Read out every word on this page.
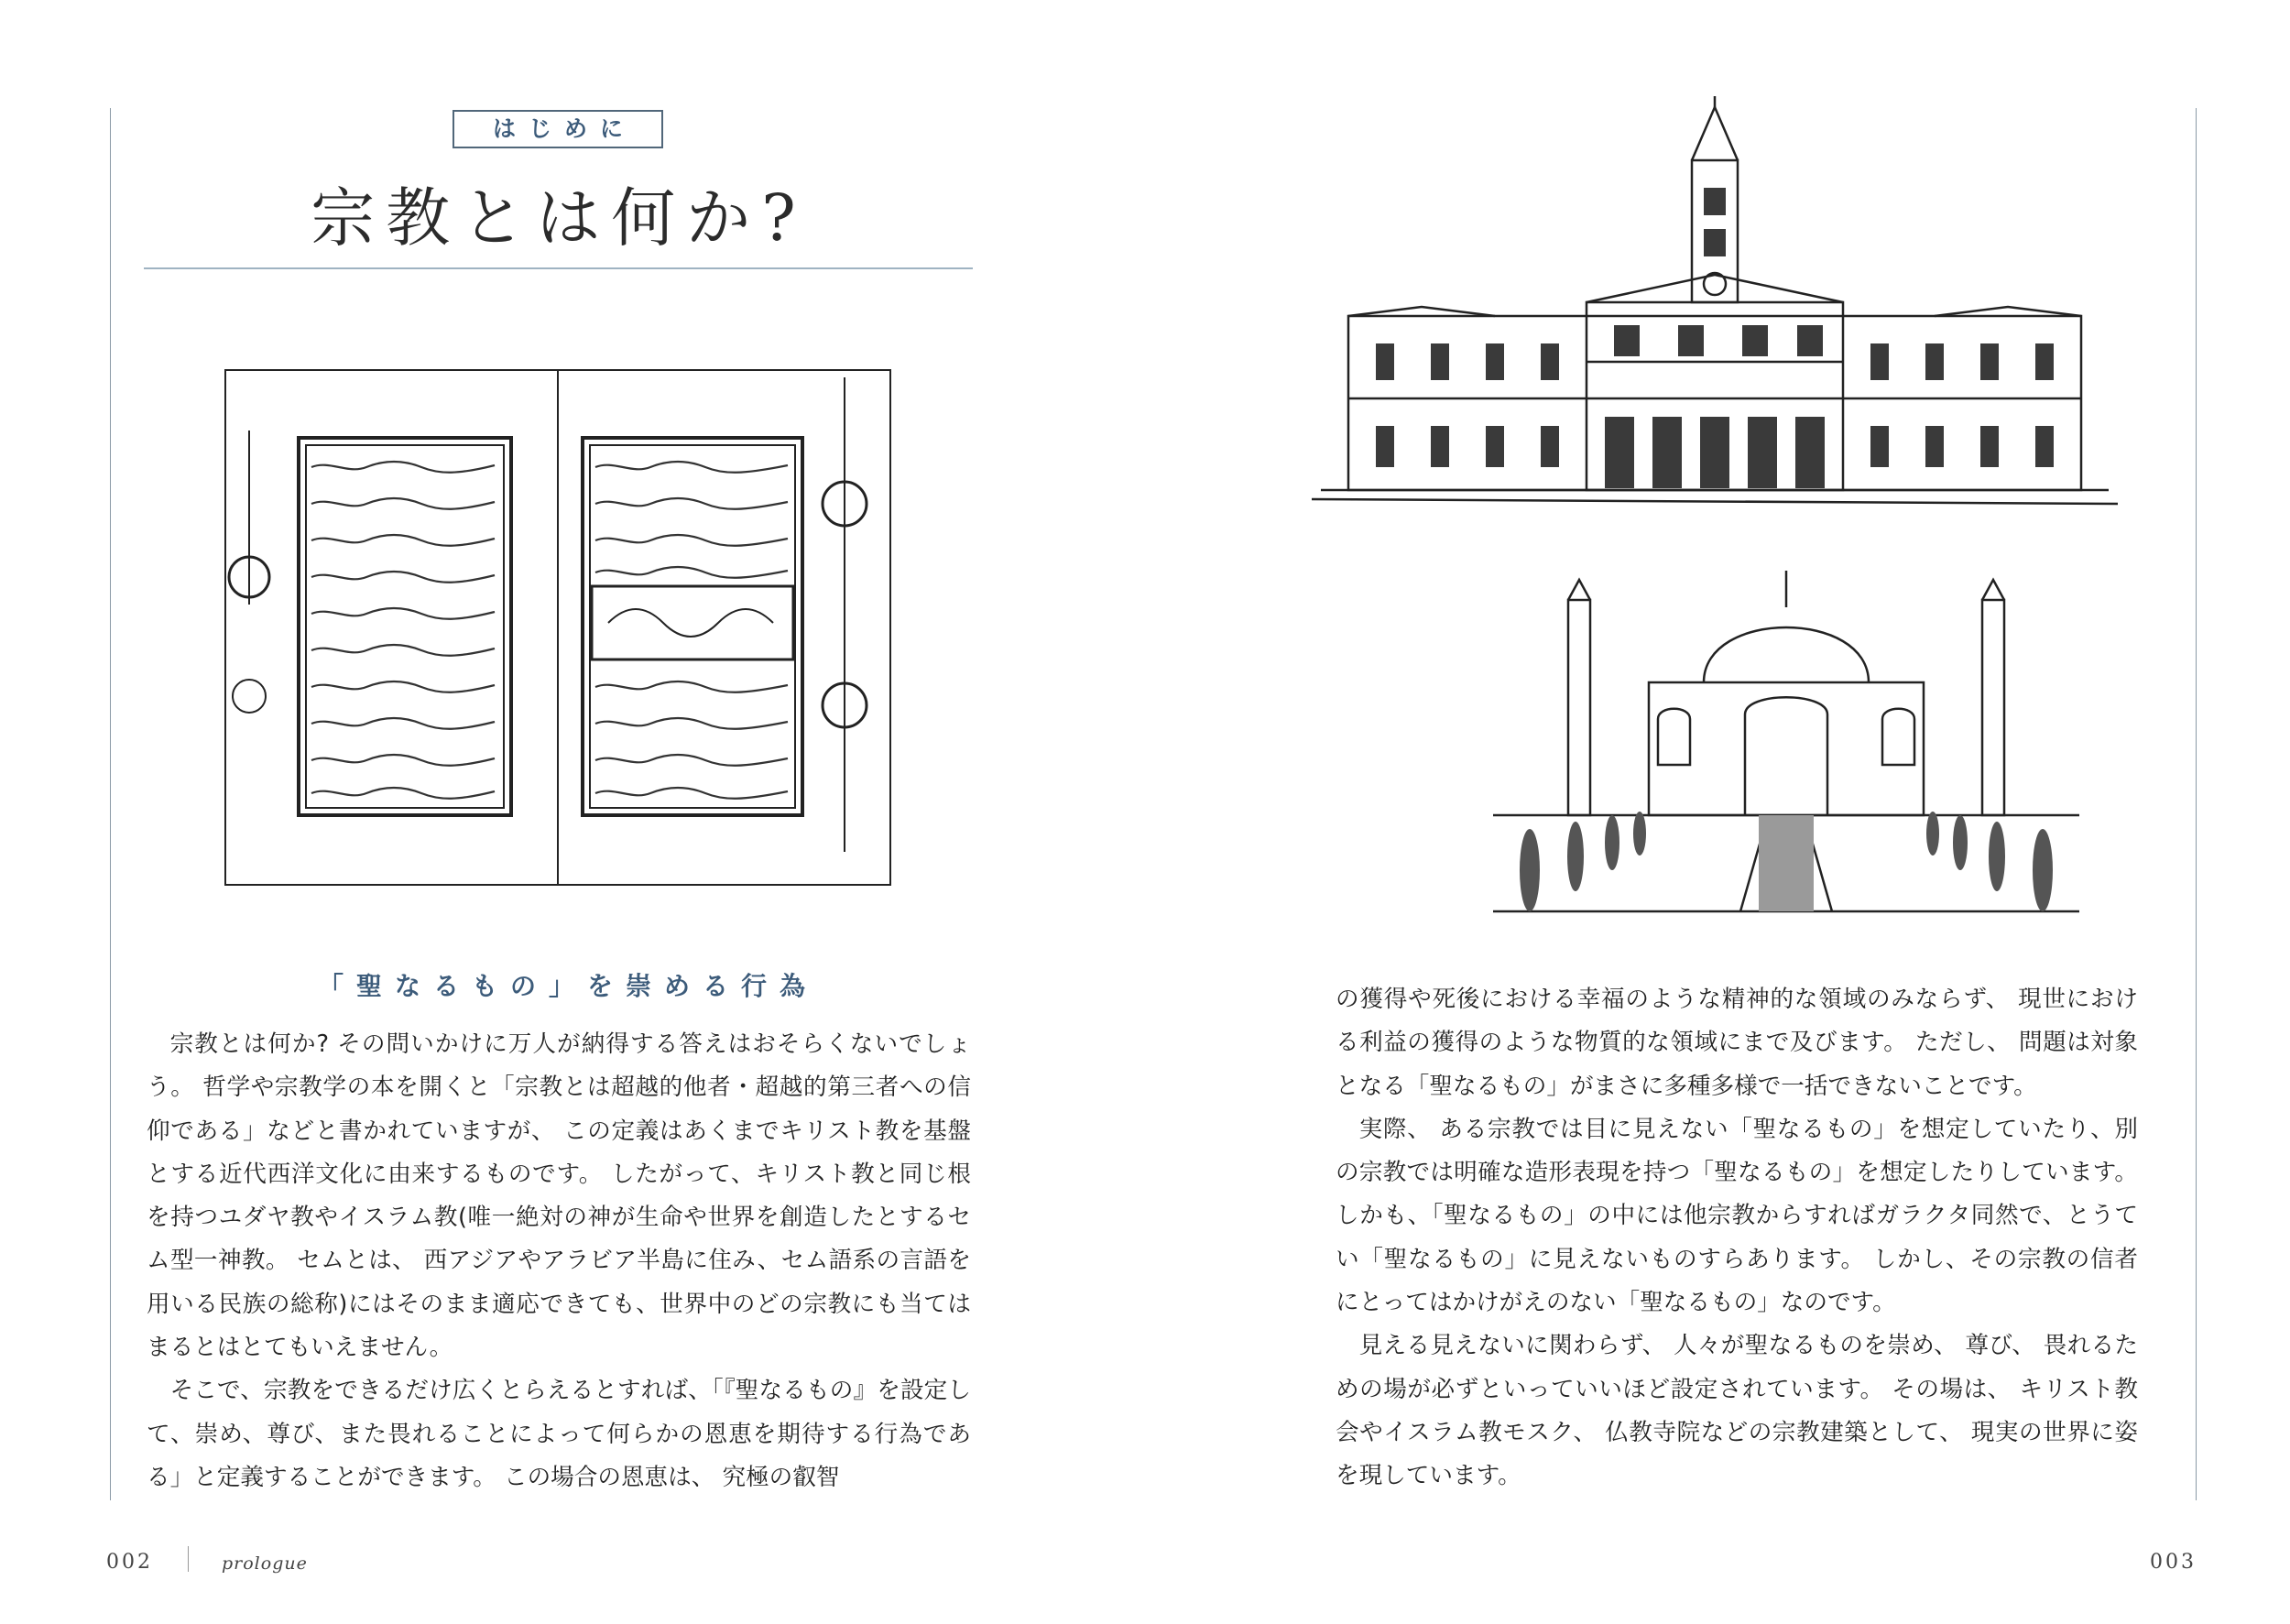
はじめに
宗教とは何か?
「聖なるもの」を崇める行為

宗教とは何か? その問いかけに万人が納得する答えはおそらくないでしょう。 哲学や宗教学の本を開くと「宗教とは超越的他者・超越的第三者への信仰である」などと書かれていますが、 この定義はあくまでキリスト教を基盤とする近代西洋文化に由来するものです。 したがって、キリスト教と同じ根を持つユダヤ教やイスラム教(唯一絶対の神が生命や世界を創造したとするセム型一神教。 セムとは、 西アジアやアラビア半島に住み、セム語系の言語を用いる民族の総称)にはそのまま適応できても、世界中のどの宗教にも当てはまるとはとてもいえません。

そこで、宗教をできるだけ広くとらえるとすれば、「『聖なるもの』を設定して、崇め、尊び、また畏れることによって何らかの恩恵を期待する行為である」と定義することができます。 この場合の恩恵は、 究極の叡智

002	prologue

の獲得や死後における幸福のような精神的な領域のみならず、 現世における利益の獲得のような物質的な領域にまで及びます。 ただし、 問題は対象となる「聖なるもの」がまさに多種多様で一括できないことです。

実際、 ある宗教では目に見えない「聖なるもの」を想定していたり、別の宗教では明確な造形表現を持つ「聖なるもの」を想定したりしています。 しかも、「聖なるもの」の中には他宗教からすればガラクタ同然で、とうてい「聖なるもの」に見えないものすらあります。 しかし、その宗教の信者にとってはかけがえのない「聖なるもの」なのです。

見える見えないに関わらず、 人々が聖なるものを崇め、 尊び、 畏れるための場が必ずといっていいほど設定されています。 その場は、 キリスト教会やイスラム教モスク、 仏教寺院などの宗教建築として、 現実の世界に姿を現しています。

003
